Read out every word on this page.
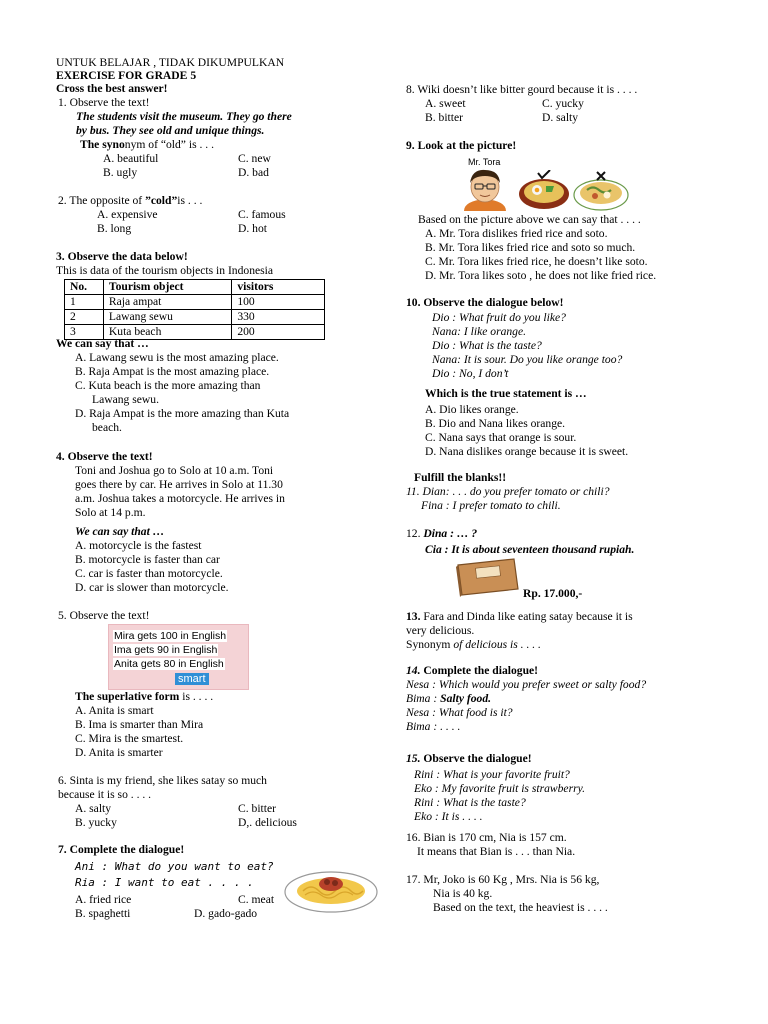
UNTUK BELAJAR , TIDAK DIKUMPULKAN
EXERCISE FOR GRADE 5
Cross the best answer!
1. Observe the text!
The students visit the museum. They go there
by bus. They see old and unique things.
The synonym of “old” is . . .
A. beautiful	C. new
B. ugly	D. bad
2. The opposite of ”cold”is . . .
A. expensive	C. famous
B. long	D. hot
3. Observe the data below!
This is data of the tourism objects in Indonesia
No.	Tourism object	visitors
1	Raja ampat	100
2	Lawang sewu	330
3	Kuta beach	200
We can say that …
A. Lawang sewu is the most amazing place.
B. Raja Ampat is the most amazing place.
C. Kuta beach is the more amazing than
Lawang sewu.
D. Raja Ampat is the more amazing than Kuta
beach.
4. Observe the text!
Toni and Joshua go to Solo at 10 a.m. Toni
goes there by car. He arrives in Solo at 11.30
a.m. Joshua takes a motorcycle. He arrives in
Solo at 14 p.m.
We can say that …
A. motorcycle is the fastest
B. motorcycle is faster than car
C. car is faster than motorcycle.
D. car is slower than motorcycle.
5. Observe the text!
Mira gets 100 in English
Ima gets 90 in English
Anita gets 80 in English
smart
The superlative form is . . . .
A. Anita is smart
B. Ima is smarter than Mira
C. Mira is the smartest.
D. Anita is smarter
6. Sinta is my friend, she likes satay so much
because it is so . . . .
A. salty	C. bitter
B. yucky	D,. delicious
7. Complete the dialogue!
Ani : What do you want to eat?
Ria : I want to eat . . . .
A. fried rice	C. meat
B. spaghetti	D. gado-gado
8. Wiki doesn’t like bitter gourd because it is . . . .
A. sweet	C. yucky
B. bitter	D. salty
9. Look at the picture!
Mr. Tora
Based on the picture above we can say that . . . .
A. Mr. Tora dislikes fried rice and soto.
B. Mr. Tora likes fried rice and soto so much.
C. Mr. Tora likes fried rice, he doesn’t like soto.
D. Mr. Tora likes soto , he does not like fried rice.
10. Observe the dialogue below!
Dio : What fruit do you like?
Nana: I like orange.
Dio : What is the taste?
Nana: It is sour. Do you like orange too?
Dio : No, I don’t
Which is the true statement is …
A. Dio likes orange.
B. Dio and Nana likes orange.
C. Nana says that orange is sour.
D. Nana dislikes orange because it is sweet.
Fulfill the blanks!!
11. Dian: . . . do you prefer tomato or chili?
Fina : I prefer tomato to chili.
12. Dina : … ?
Cia : It is about seventeen thousand rupiah.
Rp. 17.000,-
13. Fara and Dinda like eating satay because it is
very delicious.
Synonym of delicious is . . . .
14. Complete the dialogue!
Nesa : Which would you prefer sweet or salty food?
Bima : Salty food.
Nesa : What food is it?
Bima : . . . .
15. Observe the dialogue!
Rini : What is your favorite fruit?
Eko : My favorite fruit is strawberry.
Rini : What is the taste?
Eko : It is . . . .
16. Bian is 170 cm, Nia is 157 cm.
It means that Bian is . . . than Nia.
17. Mr, Joko is 60 Kg , Mrs. Nia is 56 kg,
Nia is 40 kg.
Based on the text, the heaviest is . . . .
